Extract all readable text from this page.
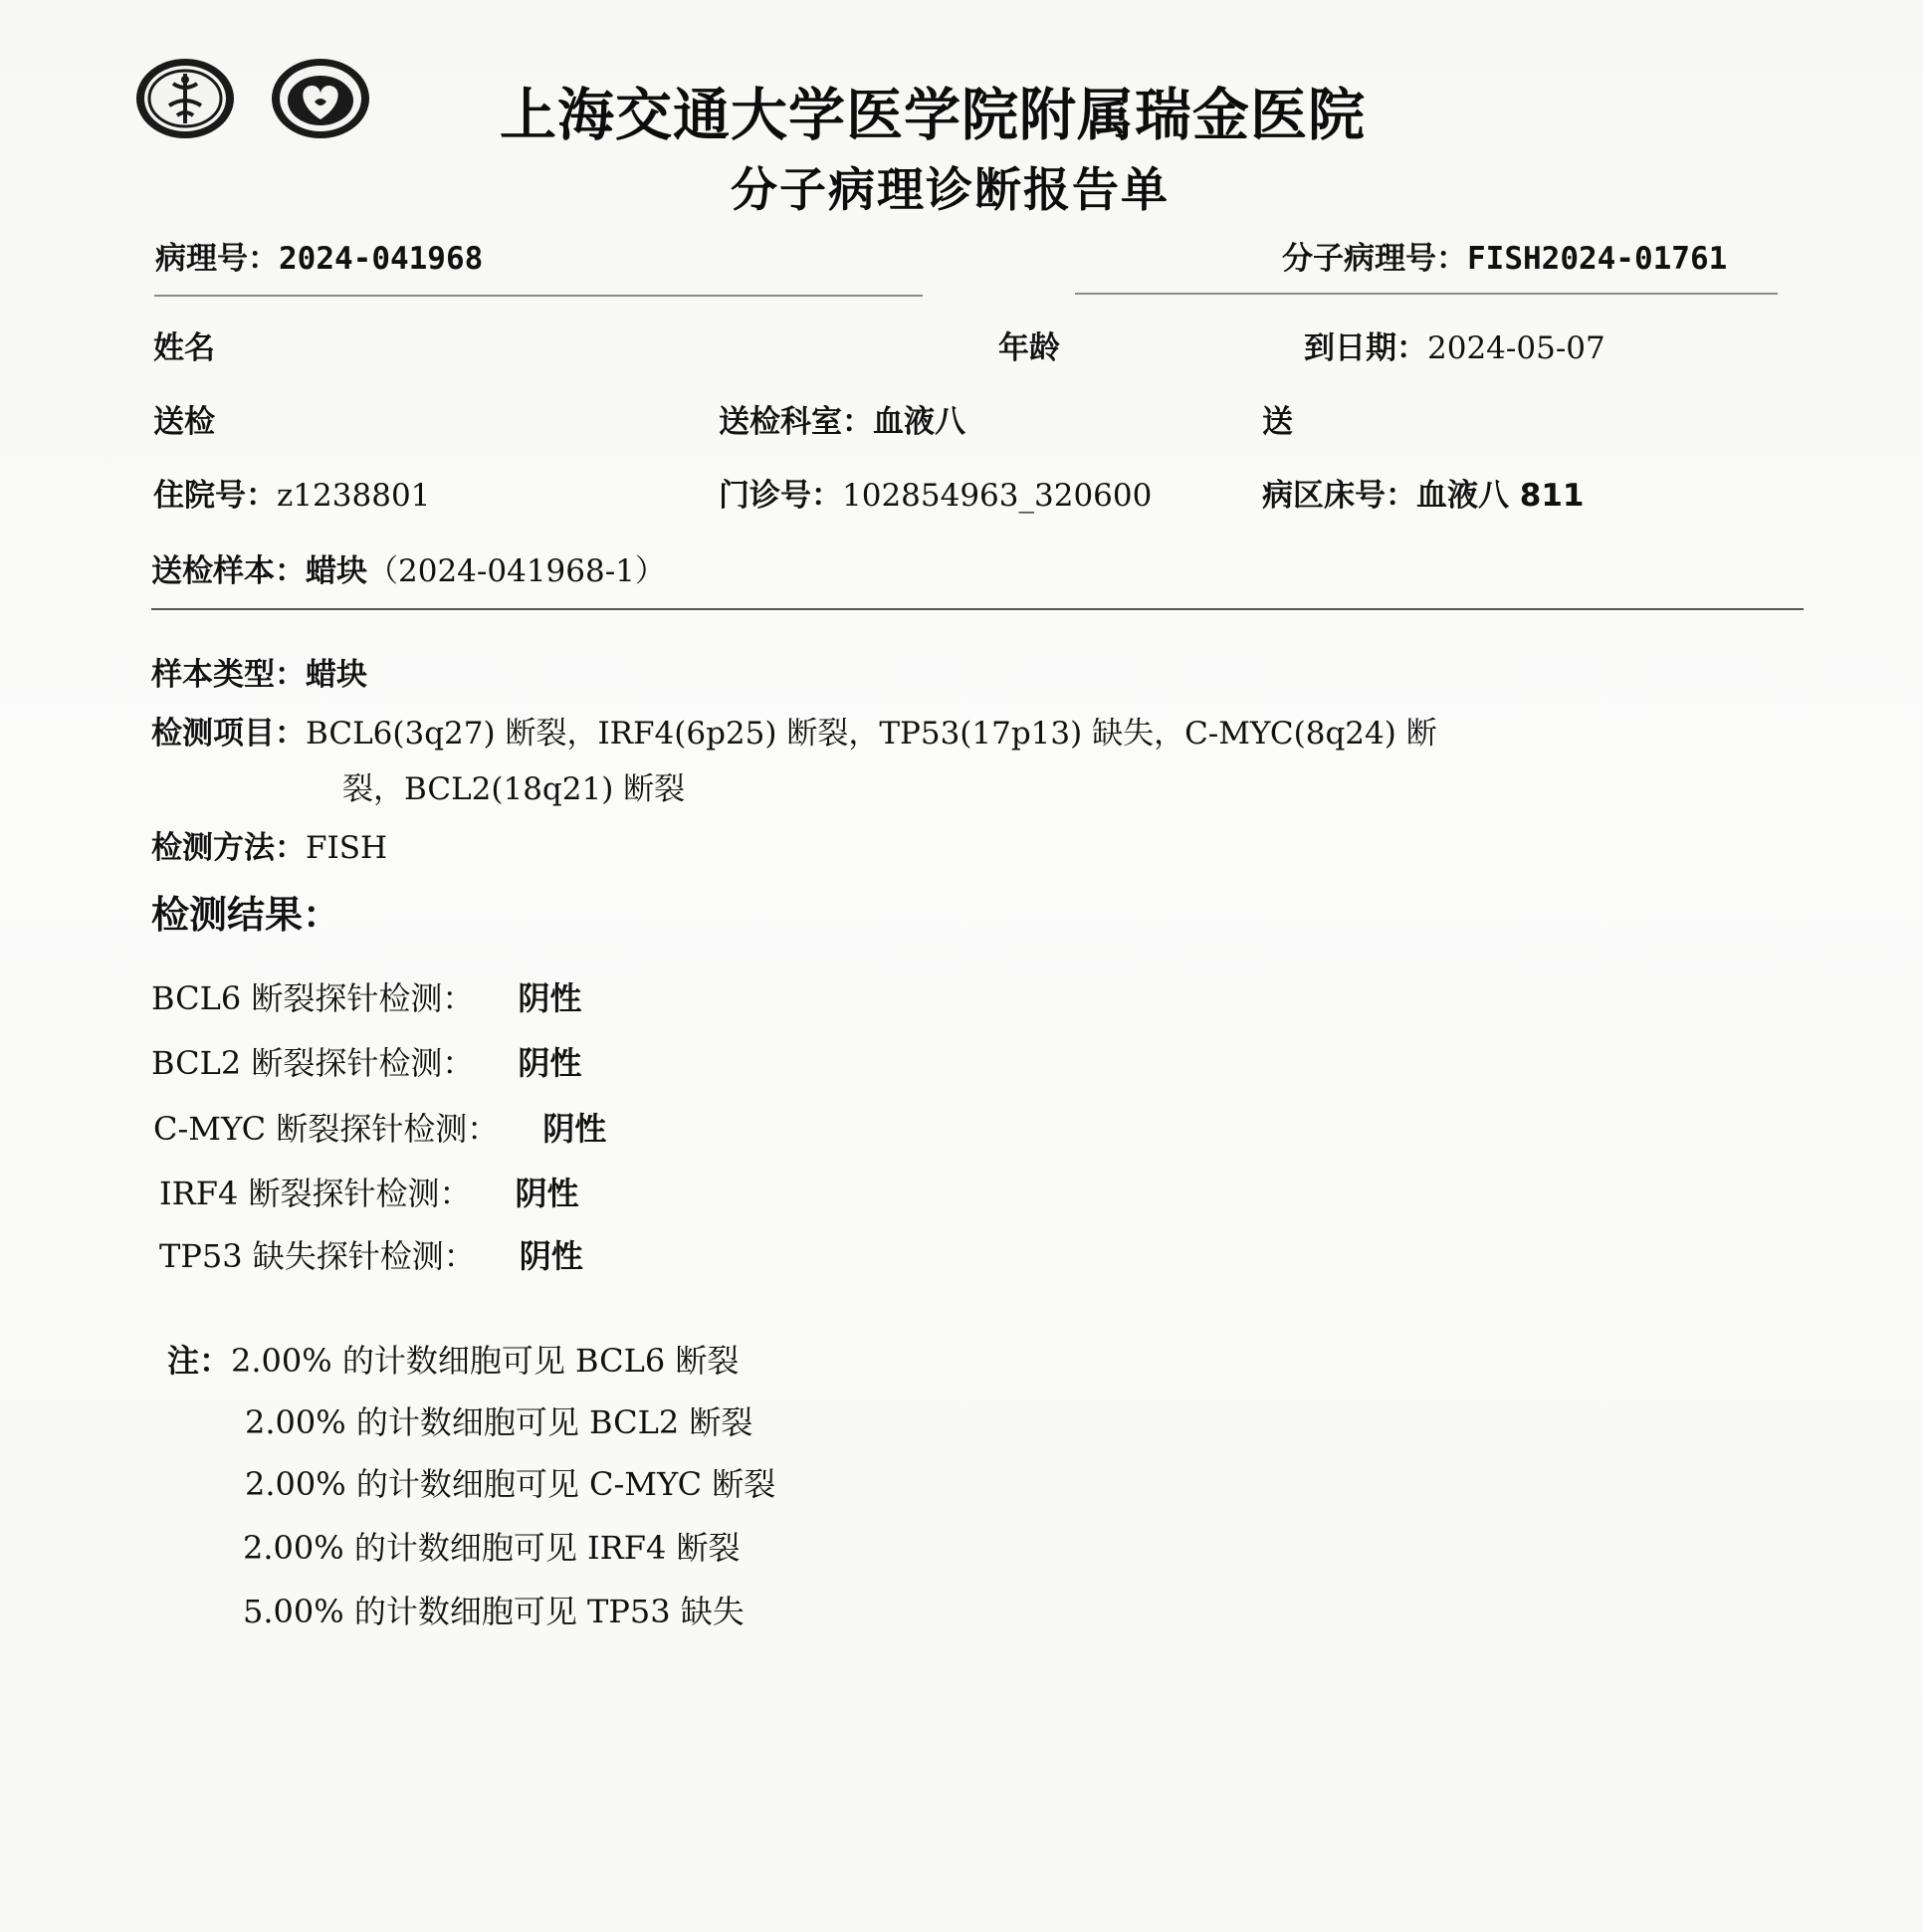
上海交通大学医学院附属瑞金医院
分子病理诊断报告单
病理号：2024-041968	分子病理号：FISH2024-01761
姓名	年龄	到日期：2024-05-07
送检	送检科室：血液八	送
住院号：z1238801	门诊号：102854963_320600	病区床号：血液八 811
送检样本：蜡块（2024-041968-1）
样本类型：蜡块
检测项目：BCL6(3q27) 断裂，IRF4(6p25) 断裂，TP53(17p13) 缺失，C-MYC(8q24) 断
裂，BCL2(18q21) 断裂
检测方法：FISH
检测结果：
BCL6 断裂探针检测： 阴性
BCL2 断裂探针检测： 阴性
C-MYC 断裂探针检测： 阴性
IRF4 断裂探针检测： 阴性
TP53 缺失探针检测： 阴性
注：2.00% 的计数细胞可见 BCL6 断裂
2.00% 的计数细胞可见 BCL2 断裂
2.00% 的计数细胞可见 C-MYC 断裂
2.00% 的计数细胞可见 IRF4 断裂
5.00% 的计数细胞可见 TP53 缺失
